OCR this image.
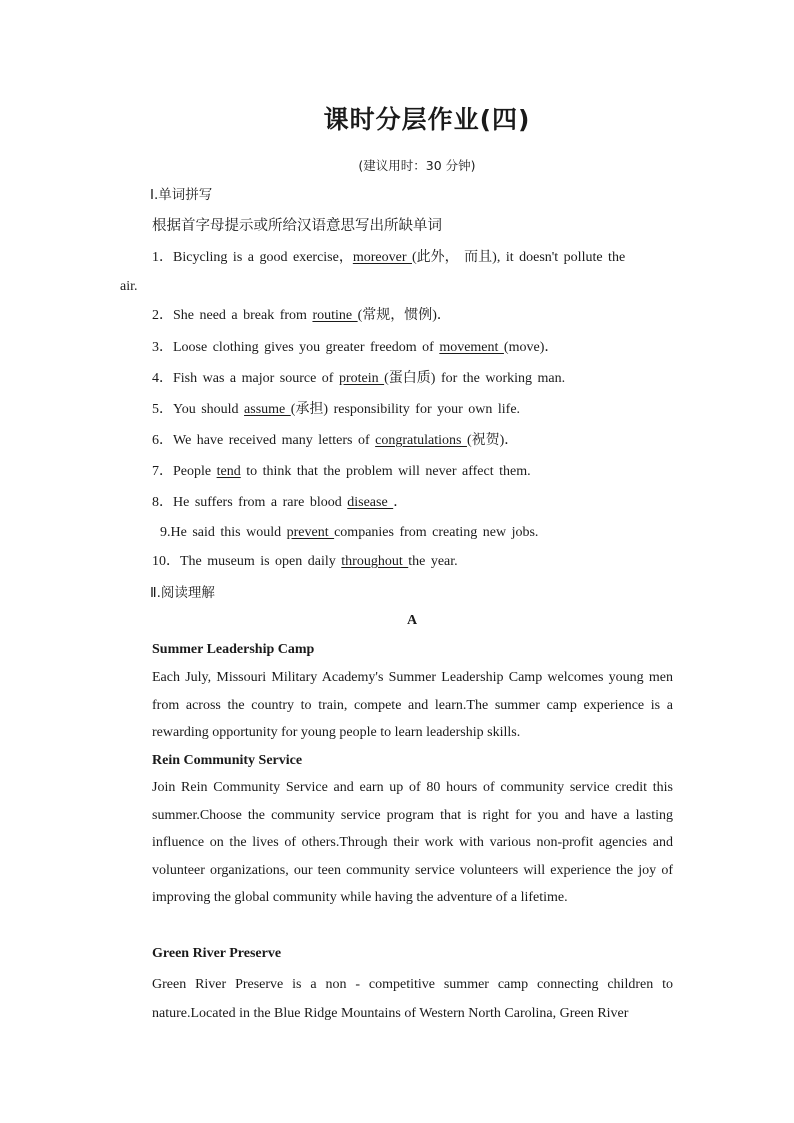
课时分层作业(四)
(建议用时：30 分钟)
Ⅰ.单词拼写
根据首字母提示或所给汉语意思写出所缺单词
1．Bicycling is a good exercise，moreover (此外， 而且), it doesn't pollute the
air.
2．She need a break from routine (常规，惯例)．
3．Loose clothing gives you greater freedom of movement (move)．
4．Fish was a major source of protein (蛋白质) for the working man.
5．You should assume (承担) responsibility for your own life.
6．We have received many letters of congratulations (祝贺)．
7．People tend to think that the problem will never affect them.
8．He suffers from a rare blood disease ．
9.He said this would prevent companies from creating new jobs.
10．The museum is open daily throughout the year.
Ⅱ.阅读理解
A
Summer Leadership Camp
Each July, Missouri Military Academy's Summer Leadership Camp welcomes young men from across the country to train, compete and learn.The summer camp experience is a rewarding opportunity for young people to learn leadership skills.
Rein Community Service
Join Rein Community Service and earn up of 80 hours of community service credit this summer.Choose the community service program that is right for you and have a lasting influence on the lives of others.Through their work with various non-profit agencies and volunteer organizations, our teen community service volunteers will experience the joy of improving the global community while having the adventure of a lifetime.
Green River Preserve
Green River Preserve is a non - competitive summer camp connecting children to nature.Located in the Blue Ridge Mountains of Western North Carolina, Green River
